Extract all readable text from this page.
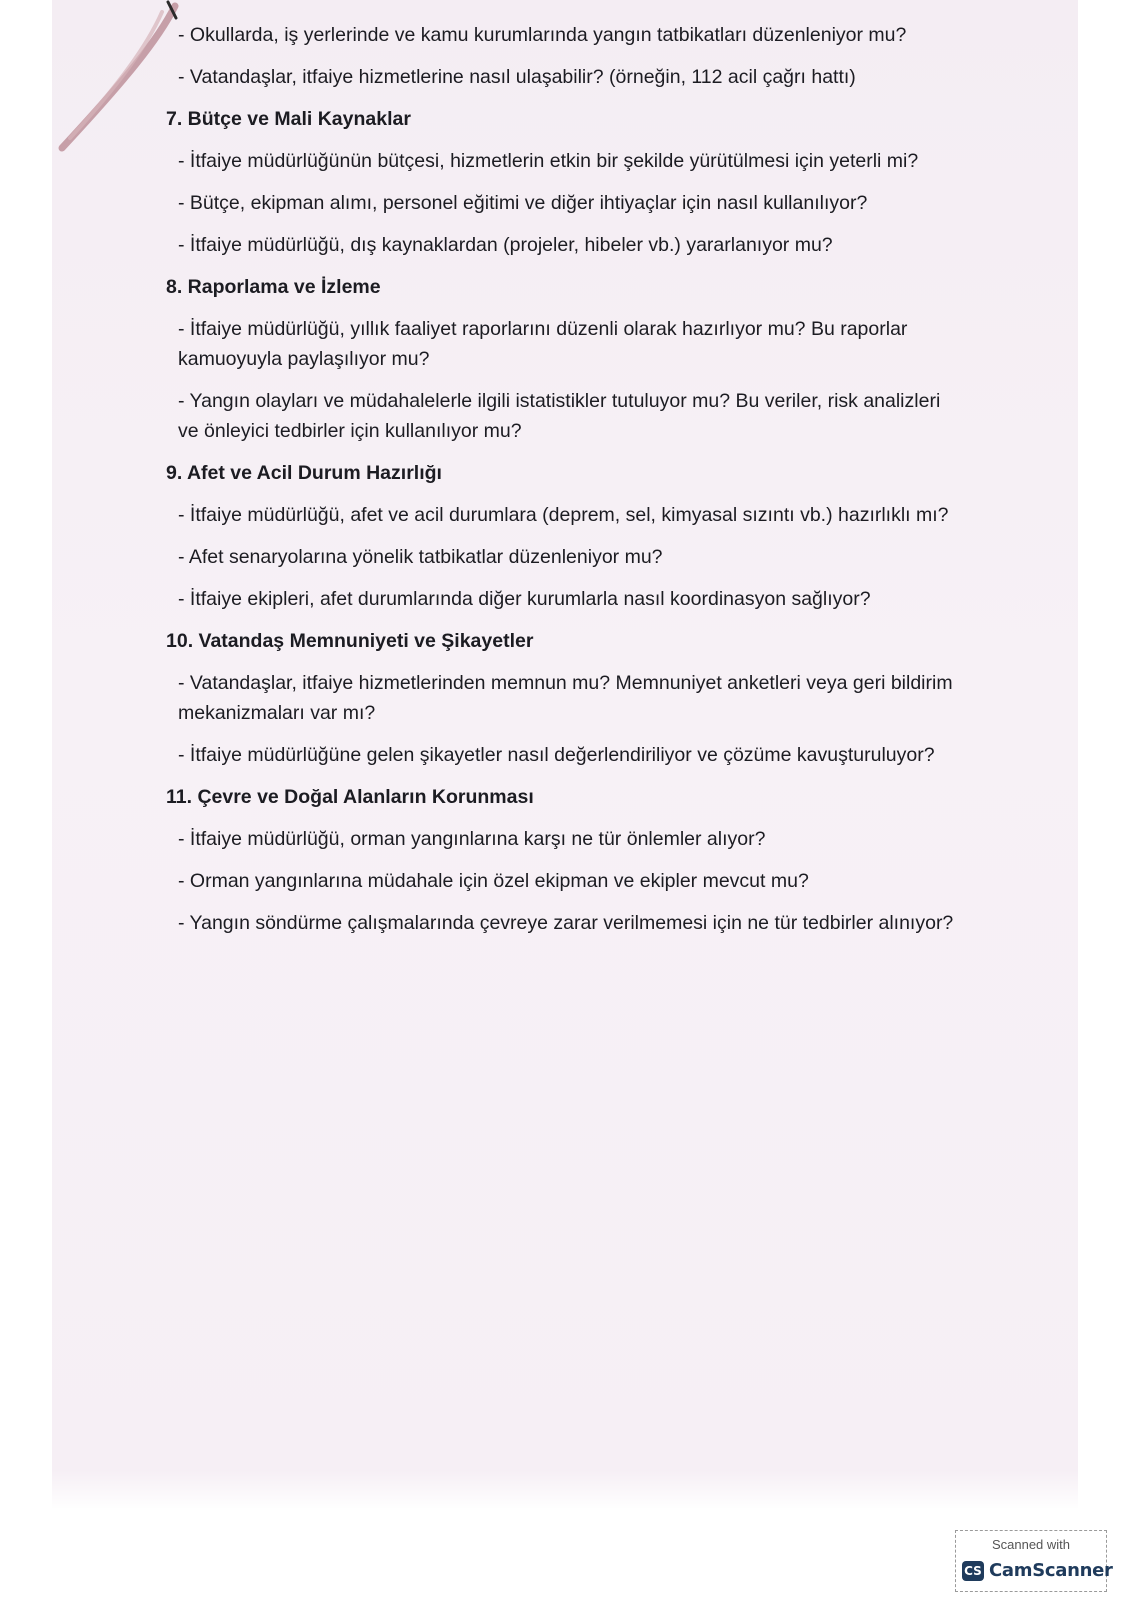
- Okullarda, iş yerlerinde ve kamu kurumlarında yangın tatbikatları düzenleniyor mu?

- Vatandaşlar, itfaiye hizmetlerine nasıl ulaşabilir? (örneğin, 112 acil çağrı hattı)

7. Bütçe ve Mali Kaynaklar

- İtfaiye müdürlüğünün bütçesi, hizmetlerin etkin bir şekilde yürütülmesi için yeterli mi?

- Bütçe, ekipman alımı, personel eğitimi ve diğer ihtiyaçlar için nasıl kullanılıyor?

- İtfaiye müdürlüğü, dış kaynaklardan (projeler, hibeler vb.) yararlanıyor mu?

8. Raporlama ve İzleme

- İtfaiye müdürlüğü, yıllık faaliyet raporlarını düzenli olarak hazırlıyor mu? Bu raporlar kamuoyuyla paylaşılıyor mu?

- Yangın olayları ve müdahalelerle ilgili istatistikler tutuluyor mu? Bu veriler, risk analizleri ve önleyici tedbirler için kullanılıyor mu?

9. Afet ve Acil Durum Hazırlığı

- İtfaiye müdürlüğü, afet ve acil durumlara (deprem, sel, kimyasal sızıntı vb.) hazırlıklı mı?

- Afet senaryolarına yönelik tatbikatlar düzenleniyor mu?

- İtfaiye ekipleri, afet durumlarında diğer kurumlarla nasıl koordinasyon sağlıyor?

10. Vatandaş Memnuniyeti ve Şikayetler

- Vatandaşlar, itfaiye hizmetlerinden memnun mu? Memnuniyet anketleri veya geri bildirim mekanizmaları var mı?

- İtfaiye müdürlüğüne gelen şikayetler nasıl değerlendiriliyor ve çözüme kavuşturuluyor?

11. Çevre ve Doğal Alanların Korunması

- İtfaiye müdürlüğü, orman yangınlarına karşı ne tür önlemler alıyor?

- Orman yangınlarına müdahale için özel ekipman ve ekipler mevcut mu?

- Yangın söndürme çalışmalarında çevreye zarar verilmemesi için ne tür tedbirler alınıyor?

Scanned with
CS CamScanner
